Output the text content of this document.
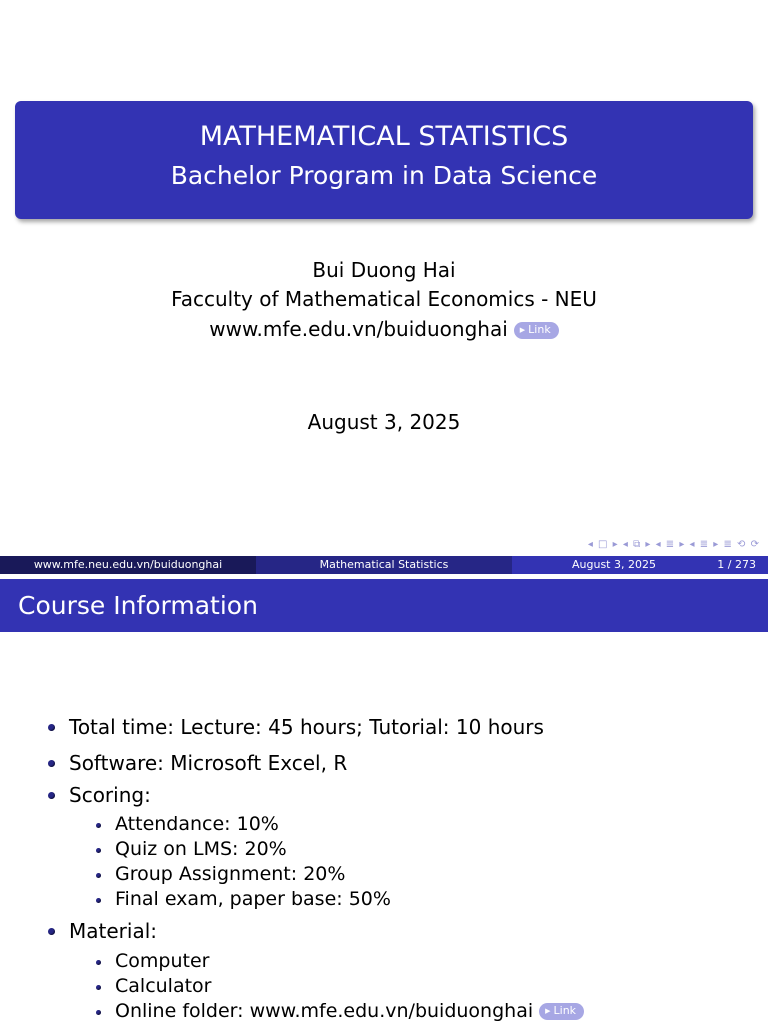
MATHEMATICAL STATISTICS
Bachelor Program in Data Science
Bui Duong Hai
Facculty of Mathematical Economics - NEU
www.mfe.edu.vn/buiduonghai ▶ Link
August 3, 2025
◂ □ ▸ ◂ ⧉ ▸ ◂ ≣ ▸ ◂ ≣ ▸ ≣ ⟲ ⟳
www.mfe.neu.edu.vn/buiduonghai	Mathematical Statistics	August 3, 2025	1 / 273
Course Information
Total time: Lecture: 45 hours; Tutorial: 10 hours
Software: Microsoft Excel, R
Scoring:
Attendance: 10%
Quiz on LMS: 20%
Group Assignment: 20%
Final exam, paper base: 50%
Material:
Computer
Calculator
Online folder: www.mfe.edu.vn/buiduonghai ▶ Link
